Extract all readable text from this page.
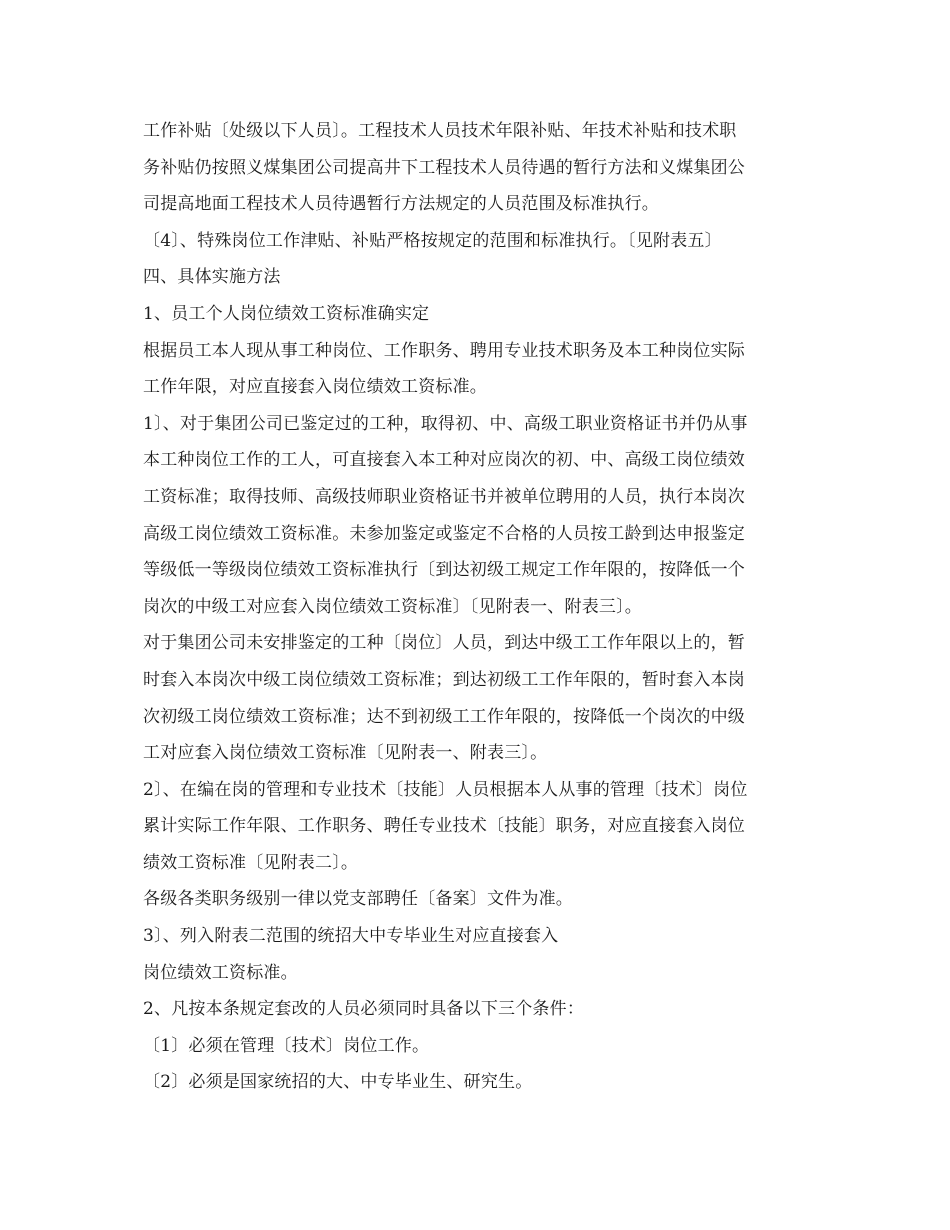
工作补贴〔处级以下人员〕。工程技术人员技术年限补贴、年技术补贴和技术职
务补贴仍按照义煤集团公司提高井下工程技术人员待遇的暂行方法和义煤集团公
司提高地面工程技术人员待遇暂行方法规定的人员范围及标准执行。
〔4〕、特殊岗位工作津贴、补贴严格按规定的范围和标准执行。〔见附表五〕
四、具体实施方法
1、员工个人岗位绩效工资标准确实定
根据员工本人现从事工种岗位、工作职务、聘用专业技术职务及本工种岗位实际
工作年限，对应直接套入岗位绩效工资标准。
1〕、对于集团公司已鉴定过的工种，取得初、中、高级工职业资格证书并仍从事
本工种岗位工作的工人，可直接套入本工种对应岗次的初、中、高级工岗位绩效
工资标准；取得技师、高级技师职业资格证书并被单位聘用的人员，执行本岗次
高级工岗位绩效工资标准。未参加鉴定或鉴定不合格的人员按工龄到达申报鉴定
等级低一等级岗位绩效工资标准执行〔到达初级工规定工作年限的，按降低一个
岗次的中级工对应套入岗位绩效工资标准〕〔见附表一、附表三〕。
对于集团公司未安排鉴定的工种〔岗位〕人员，到达中级工工作年限以上的，暂
时套入本岗次中级工岗位绩效工资标准；到达初级工工作年限的，暂时套入本岗
次初级工岗位绩效工资标准；达不到初级工工作年限的，按降低一个岗次的中级
工对应套入岗位绩效工资标准〔见附表一、附表三〕。
2〕、在编在岗的管理和专业技术〔技能〕人员根据本人从事的管理〔技术〕岗位
累计实际工作年限、工作职务、聘任专业技术〔技能〕职务，对应直接套入岗位
绩效工资标准〔见附表二〕。
各级各类职务级别一律以党支部聘任〔备案〕文件为准。
3〕、列入附表二范围的统招大中专毕业生对应直接套入
岗位绩效工资标准。
2、凡按本条规定套改的人员必须同时具备以下三个条件：
〔1〕必须在管理〔技术〕岗位工作。
〔2〕必须是国家统招的大、中专毕业生、研究生。
